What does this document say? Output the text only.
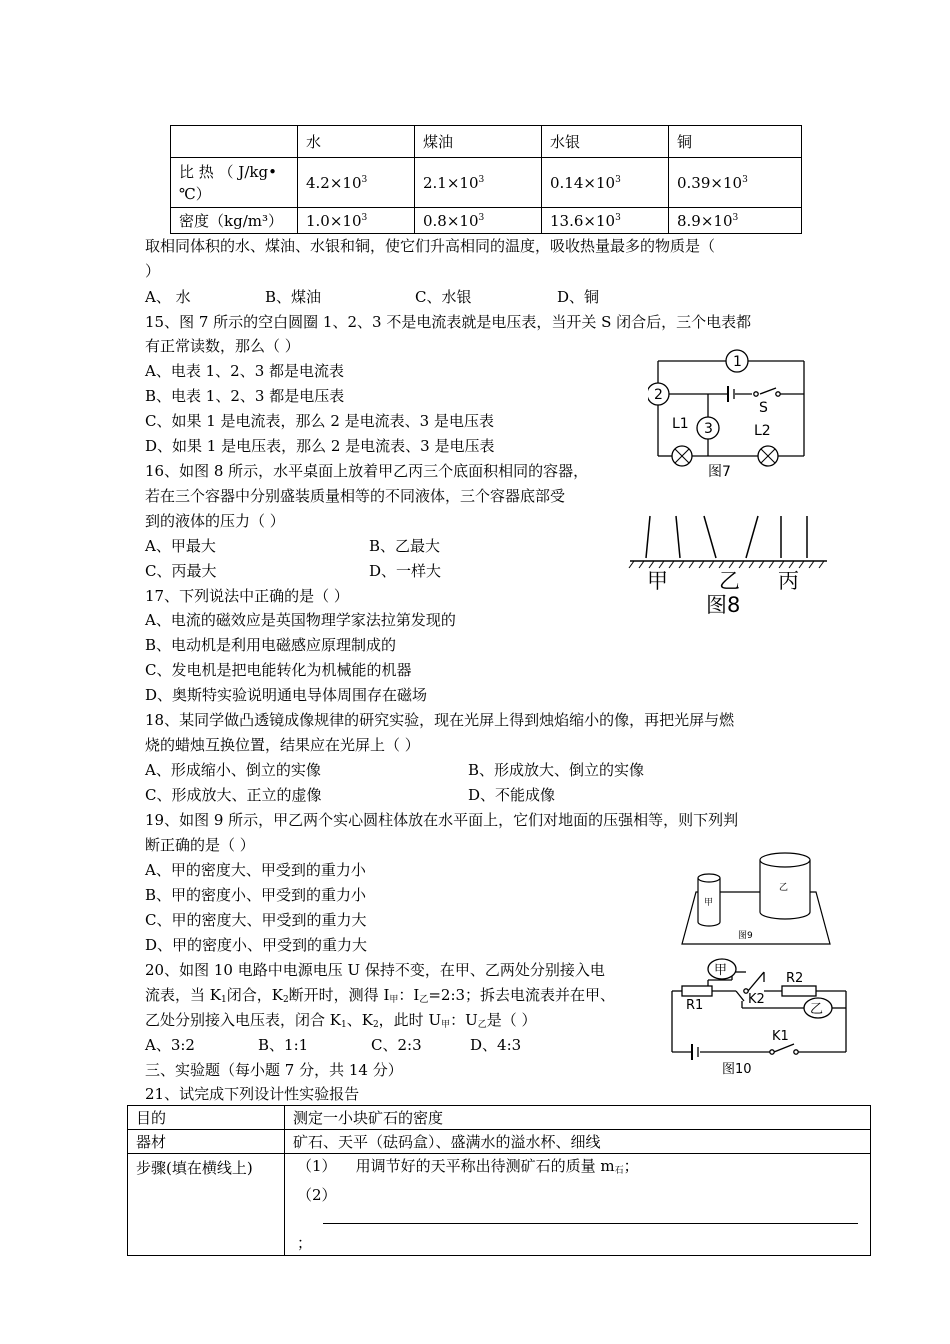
	水	煤油	水银	铜
比 热 （ J/kg•
℃）	$4.2\times 10^3$	$2.1\times 10^3$	$0.14\times 10^3$	$0.39\times 10^3$
密度（kg/m³）	$1.0\times 10^3$	$0.8\times 10^3$	$13.6\times 10^3$	$8.9\times 10^3$
取相同体积的水、煤油、水银和铜，使它们升高相同的温度，吸收热量最多的物质是（
）
A、 水	B、煤油	C、水银	D、铜
15、图 7 所示的空白圆圈 1、2、3 不是电流表就是电压表，当开关 S 闭合后，三个电表都
有正常读数，那么（ ）
A、电表 1、2、3 都是电流表
B、电表 1、2、3 都是电压表
C、如果 1 是电流表，那么 2 是电流表、3 是电压表
D、如果 1 是电压表，那么 2 是电流表、3 是电压表
1
2
3
S
L1	L2
图7
16、如图 8 所示，水平桌面上放着甲乙丙三个底面积相同的容器，
若在三个容器中分别盛装质量相等的不同液体，三个容器底部受
到的液体的压力（ ）
A、甲最大	B、乙最大
C、丙最大	D、一样大	甲 乙 丙
图8
17、下列说法中正确的是（ ）
A、电流的磁效应是英国物理学家法拉第发现的
B、电动机是利用电磁感应原理制成的
C、发电机是把电能转化为机械能的机器
D、奥斯特实验说明通电导体周围存在磁场
18、某同学做凸透镜成像规律的研究实验，现在光屏上得到烛焰缩小的像，再把光屏与燃
烧的蜡烛互换位置，结果应在光屏上（ ）
A、形成缩小、倒立的实像	B、形成放大、倒立的实像
C、形成放大、正立的虚像	D、不能成像
19、如图 9 所示，甲乙两个实心圆柱体放在水平面上，它们对地面的压强相等，则下列判
断正确的是（ ）
A、甲的密度大、甲受到的重力小
B、甲的密度小、甲受到的重力小
C、甲的密度大、甲受到的重力大
D、甲的密度小、甲受到的重力大
甲
乙
图9
20、如图 10 电路中电源电压 U 保持不变，在甲、乙两处分别接入电
流表，当 $K_1$闭合，$K_2$断开时，测得 $I_甲$：$I_乙=2:3$；拆去电流表并在甲、
乙处分别接入电压表，闭合 $K_1$、$K_2$，此时 $U_甲$：$U_乙$是（ ）
A、3:2	B、1:1	C、2:3	D、4:3
甲
乙
R1
R2
K2
K1
图10
三、实验题（每小题 7 分，共 14 分）
21、试完成下列设计性实验报告
目的	测定一小块矿石的密度
器材	矿石、天平（砝码盒）、盛满水的溢水杯、细线
步骤(填在横线上)	（1） 用调节好的天平称出待测矿石的质量 $m_石$；
（2）；
